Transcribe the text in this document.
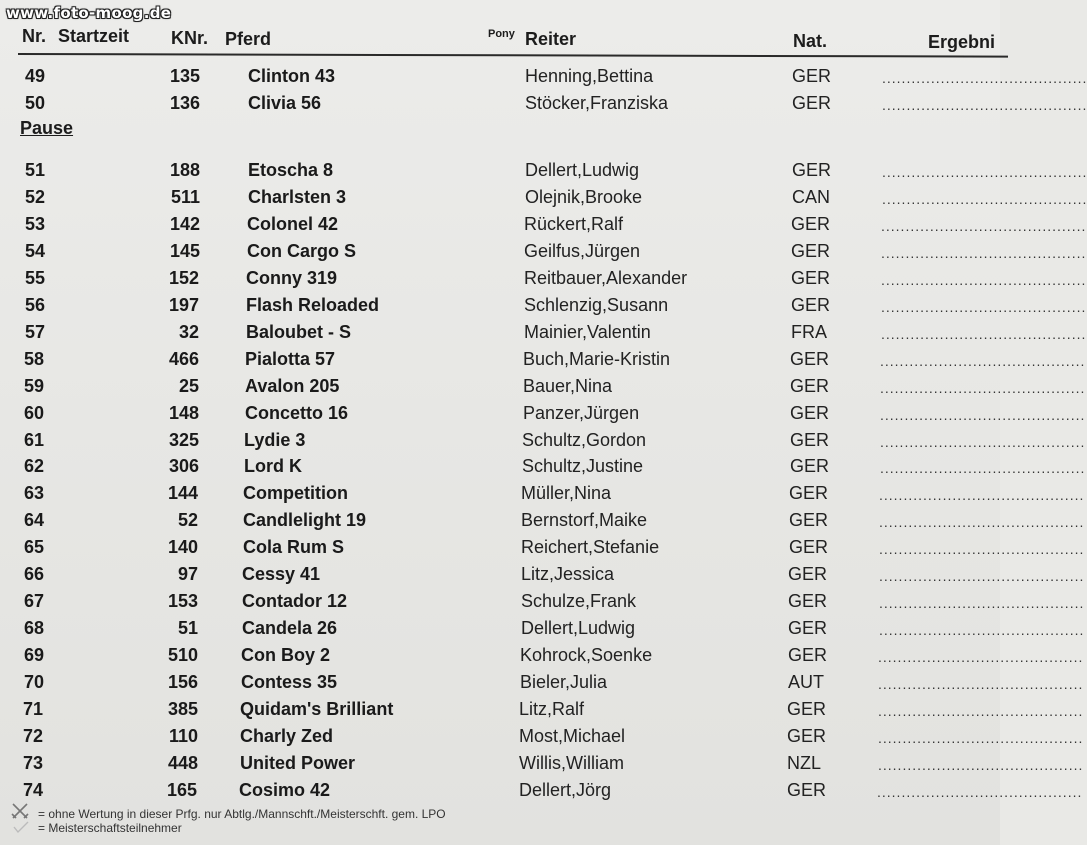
www.foto-moog.de
Nr. Startzeit KNr. Pferd	Pony Reiter	Nat.	Ergebni
49	135	Clinton 43	Henning,Bettina	GER	..........................................
50	136	Clivia 56	Stöcker,Franziska	GER	..........................................
Pause
51	188	Etoscha 8	Dellert,Ludwig	GER	..........................................
52	511	Charlsten 3	Olejnik,Brooke	CAN	..........................................
53	142	Colonel 42	Rückert,Ralf	GER	..........................................
54	145	Con Cargo S	Geilfus,Jürgen	GER	..........................................
55	152	Conny 319	Reitbauer,Alexander	GER	..........................................
56	197	Flash Reloaded	Schlenzig,Susann	GER	..........................................
57	32	Baloubet - S	Mainier,Valentin	FRA	..........................................
58	466	Pialotta 57	Buch,Marie-Kristin	GER	..........................................
59	25	Avalon 205	Bauer,Nina	GER	..........................................
60	148	Concetto 16	Panzer,Jürgen	GER	..........................................
61	325	Lydie 3	Schultz,Gordon	GER	..........................................
62	306	Lord K	Schultz,Justine	GER	..........................................
63	144	Competition	Müller,Nina	GER	..........................................
64	52	Candlelight 19	Bernstorf,Maike	GER	..........................................
65	140	Cola Rum S	Reichert,Stefanie	GER	..........................................
66	97 Cessy 41	Litz,Jessica	GER	..........................................
67	153 Contador 12	Schulze,Frank	GER	..........................................
68	51 Candela 26	Dellert,Ludwig	GER	..........................................
69	510 Con Boy 2	Kohrock,Soenke	GER	..........................................
70	156 Contess 35	Bieler,Julia	AUT	..........................................
71	385 Quidam's Brilliant	Litz,Ralf	GER	..........................................
72	110 Charly Zed	Most,Michael	GER	..........................................
73	448 United Power	Willis,William	NZL	..........................................
74	165 Cosimo 42	Dellert,Jörg	GER	..........................................
= ohne Wertung in dieser Prfg. nur Abtlg./Mannschft./Meisterschft. gem. LPO
= Meisterschaftsteilnehmer
